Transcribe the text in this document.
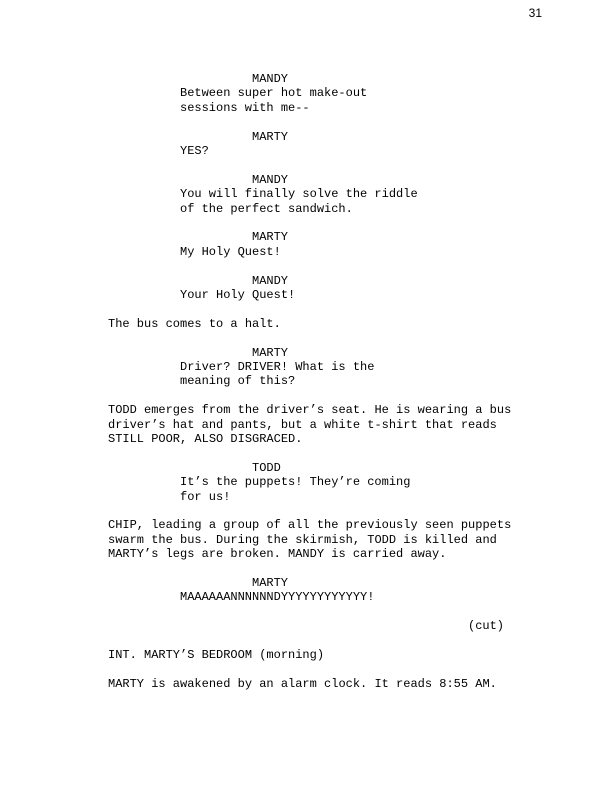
31
MANDY
Between super hot make-out
sessions with me--
MARTY
YES?
MANDY
You will finally solve the riddle
of the perfect sandwich.
MARTY
My Holy Quest!
MANDY
Your Holy Quest!
The bus comes to a halt.
MARTY
Driver? DRIVER! What is the
meaning of this?
TODD emerges from the driver’s seat. He is wearing a bus
driver’s hat and pants, but a white t-shirt that reads
STILL POOR, ALSO DISGRACED.
TODD
It’s the puppets! They’re coming
for us!
CHIP, leading a group of all the previously seen puppets
swarm the bus. During the skirmish, TODD is killed and
MARTY’s legs are broken. MANDY is carried away.
MARTY
MAAAAAANNNNNNDYYYYYYYYYYYY!
(cut)
INT. MARTY’S BEDROOM (morning)
MARTY is awakened by an alarm clock. It reads 8:55 AM.
